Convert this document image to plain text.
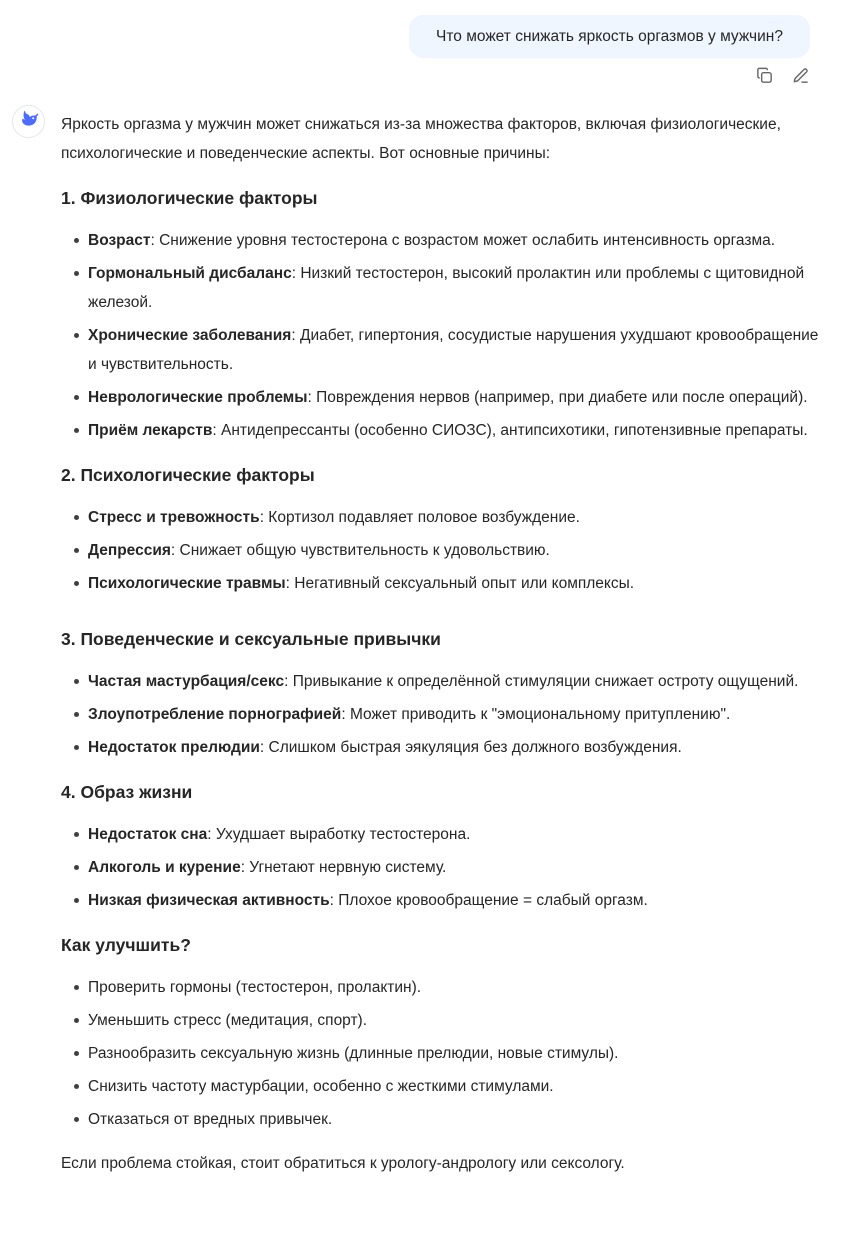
Что может снижать яркость оргазмов у мужчин?

Яркость оргазма у мужчин может снижаться из-за множества факторов, включая физиологические, психологические и поведенческие аспекты. Вот основные причины:

1. Физиологические факторы
Возраст: Снижение уровня тестостерона с возрастом может ослабить интенсивность оргазма.
Гормональный дисбаланс: Низкий тестостерон, высокий пролактин или проблемы с щитовидной железой.
Хронические заболевания: Диабет, гипертония, сосудистые нарушения ухудшают кровообращение и чувствительность.
Неврологические проблемы: Повреждения нервов (например, при диабете или после операций).
Приём лекарств: Антидепрессанты (особенно СИОЗС), антипсихотики, гипотензивные препараты.
2. Психологические факторы
Стресс и тревожность: Кортизол подавляет половое возбуждение.
Депрессия: Снижает общую чувствительность к удовольствию.
Психологические травмы: Негативный сексуальный опыт или комплексы.
3. Поведенческие и сексуальные привычки
Частая мастурбация/секс: Привыкание к определённой стимуляции снижает остроту ощущений.
Злоупотребление порнографией: Может приводить к "эмоциональному притуплению".
Недостаток прелюдии: Слишком быстрая эякуляция без должного возбуждения.
4. Образ жизни
Недостаток сна: Ухудшает выработку тестостерона.
Алкоголь и курение: Угнетают нервную систему.
Низкая физическая активность: Плохое кровообращение = слабый оргазм.
Как улучшить?
Проверить гормоны (тестостерон, пролактин).
Уменьшить стресс (медитация, спорт).
Разнообразить сексуальную жизнь (длинные прелюдии, новые стимулы).
Снизить частоту мастурбации, особенно с жесткими стимулами.
Отказаться от вредных привычек.

Если проблема стойкая, стоит обратиться к урологу-андрологу или сексологу.
